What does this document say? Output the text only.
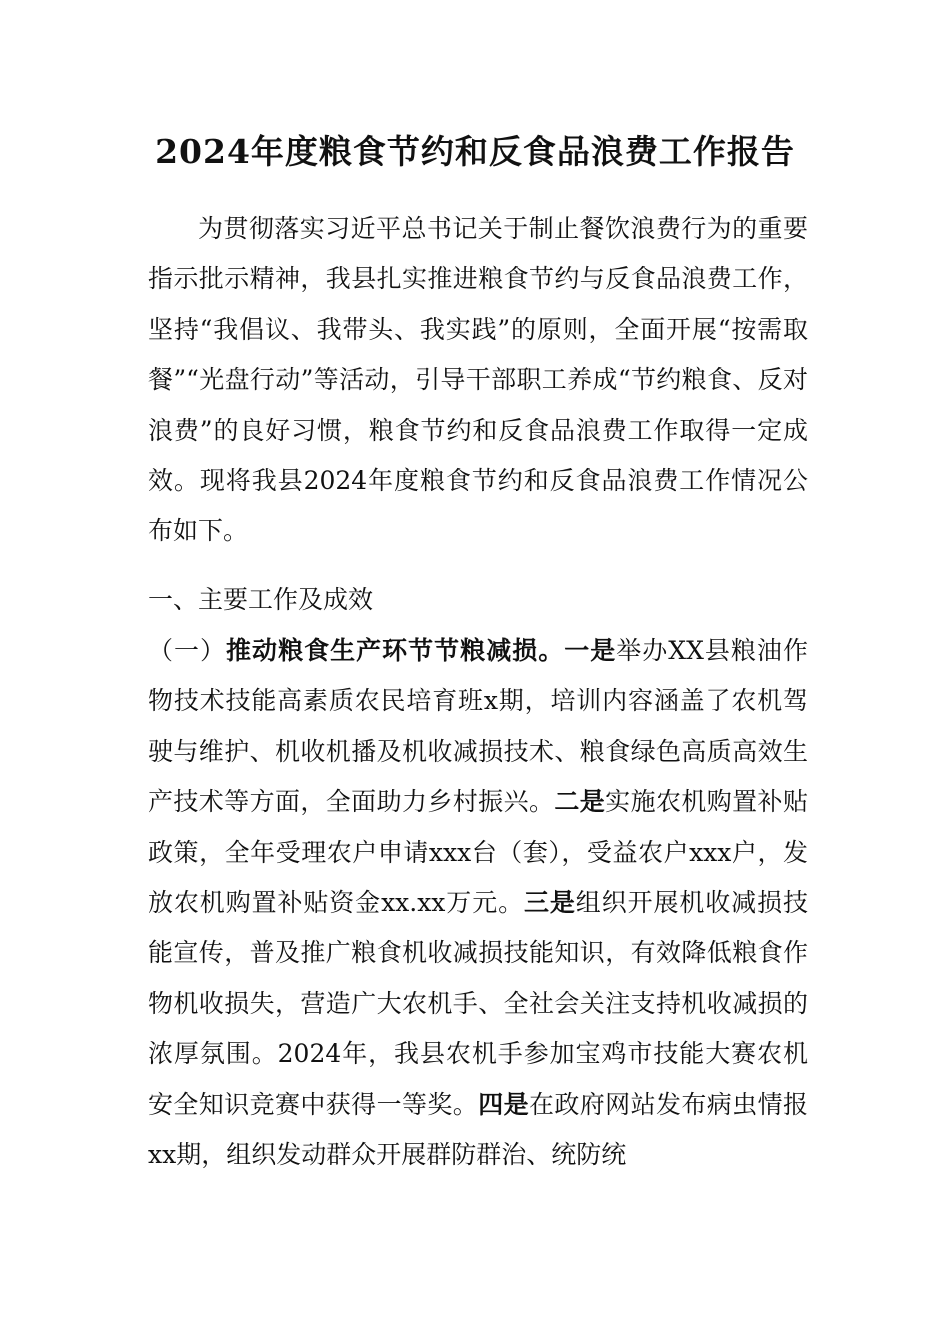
2024年度粮食节约和反食品浪费工作报告

为贯彻落实习近平总书记关于制止餐饮浪费行为的重要指示批示精神，我县扎实推进粮食节约与反食品浪费工作，坚持“我倡议、我带头、我实践”的原则，全面开展“按需取餐”“光盘行动”等活动，引导干部职工养成“节约粮食、反对浪费”的良好习惯，粮食节约和反食品浪费工作取得一定成效。现将我县2024年度粮食节约和反食品浪费工作情况公布如下。

一、主要工作及成效

（一）推动粮食生产环节节粮减损。一是举办XX县粮油作物技术技能高素质农民培育班x期，培训内容涵盖了农机驾驶与维护、机收机播及机收减损技术、粮食绿色高质高效生产技术等方面，全面助力乡村振兴。二是实施农机购置补贴政策，全年受理农户申请xxx台（套），受益农户xxx户，发放农机购置补贴资金xx.xx万元。三是组织开展机收减损技能宣传，普及推广粮食机收减损技能知识，有效降低粮食作物机收损失，营造广大农机手、全社会关注支持机收减损的浓厚氛围。2024年，我县农机手参加宝鸡市技能大赛农机安全知识竞赛中获得一等奖。四是在政府网站发布病虫情报xx期，组织发动群众开展群防群治、统防统
